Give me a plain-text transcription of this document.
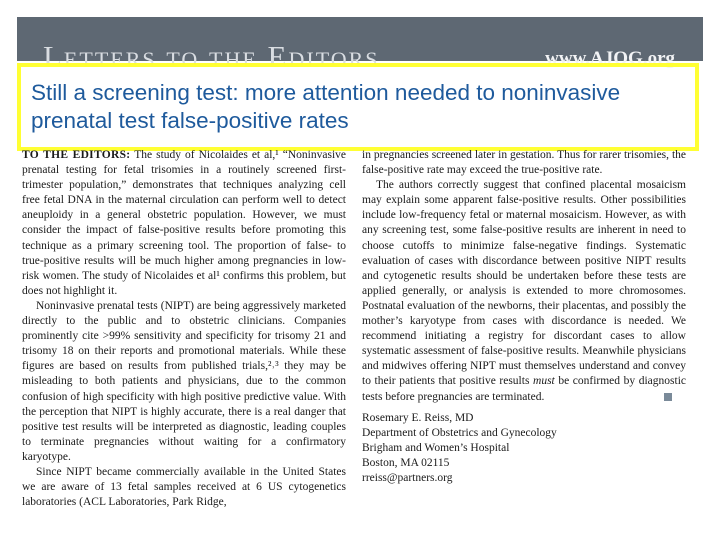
Letters to the Editors	www.AJOG.org
Still a screening test: more attention needed to noninvasive prenatal test false-positive rates

TO THE EDITORS: The study of Nicolaides et al,¹ “Noninvasive prenatal testing for fetal trisomies in a routinely screened first-trimester population,” demonstrates that techniques analyzing cell free fetal DNA in the maternal circulation can perform well to detect aneuploidy in a general obstetric population. However, we must consider the impact of false-positive results before promoting this technique as a primary screening tool. The proportion of false- to true-positive results will be much higher among pregnancies in low-risk women. The study of Nicolaides et al¹ confirms this problem, but does not highlight it.

Noninvasive prenatal tests (NIPT) are being aggressively marketed directly to the public and to obstetric clinicians. Companies prominently cite >99% sensitivity and specificity for trisomy 21 and trisomy 18 on their reports and promotional materials. While these figures are based on results from published trials,²˒³ they may be misleading to both patients and physicians, due to the common confusion of high specificity with high positive predictive value. With the perception that NIPT is highly accurate, there is a real danger that positive test results will be interpreted as diagnostic, leading couples to terminate pregnancies without waiting for a confirmatory karyotype.

Since NIPT became commercially available in the United States we are aware of 13 fetal samples received at 6 US cytogenetics laboratories (ACL Laboratories, Park Ridge,

in pregnancies screened later in gestation. Thus for rarer trisomies, the false-positive rate may exceed the true-positive rate.

The authors correctly suggest that confined placental mosaicism may explain some apparent false-positive results. Other possibilities include low-frequency fetal or maternal mosaicism. However, as with any screening test, some false-positive results are inherent in need to choose cutoffs to minimize false-negative findings. Systematic evaluation of cases with discordance between positive NIPT results and cytogenetic results should be undertaken before these tests are applied generally, or analysis is extended to more chromosomes. Postnatal evaluation of the newborns, their placentas, and possibly the mother’s karyotype from cases with discordance is needed. We recommend initiating a registry for discordant cases to allow systematic assessment of false-positive results. Meanwhile physicians and midwives offering NIPT must themselves understand and convey to their patients that positive results must be confirmed by diagnostic tests before pregnancies are terminated.

Rosemary E. Reiss, MD
Department of Obstetrics and Gynecology
Brigham and Women’s Hospital
Boston, MA 02115
rreiss@partners.org
